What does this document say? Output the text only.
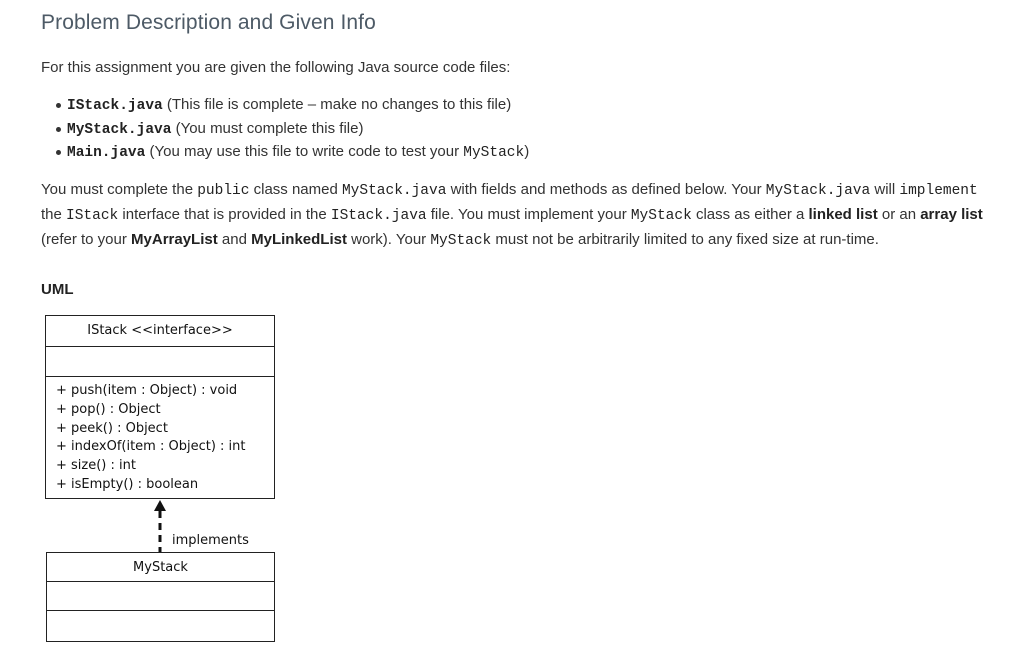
Problem Description and Given Info

For this assignment you are given the following Java source code files:

IStack.java (This file is complete – make no changes to this file)
MyStack.java (You must complete this file)
Main.java (You may use this file to write code to test your MyStack)

You must complete the public class named MyStack.java with fields and methods as defined below. Your MyStack.java will implement the IStack interface that is provided in the IStack.java file. You must implement your MyStack class as either a linked list or an array list (refer to your MyArrayList and MyLinkedList work). Your MyStack must not be arbitrarily limited to any fixed size at run-time.

UML

IStack <<interface>>
+ push(item : Object) : void
+ pop() : Object
+ peek() : Object
+ indexOf(item : Object) : int
+ size() : int
+ isEmpty() : boolean
implements
MyStack
